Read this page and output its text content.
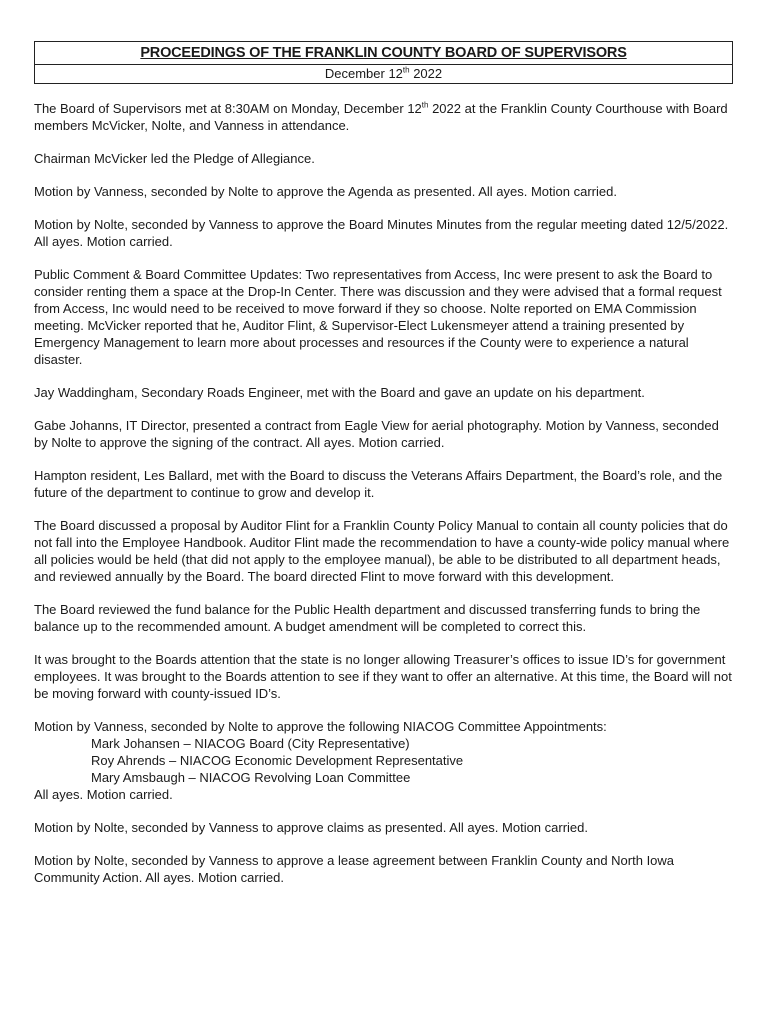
PROCEEDINGS OF THE FRANKLIN COUNTY BOARD OF SUPERVISORS
December 12th 2022

The Board of Supervisors met at 8:30AM on Monday, December 12th 2022 at the Franklin County Courthouse with Board members McVicker, Nolte, and Vanness in attendance.

Chairman McVicker led the Pledge of Allegiance.

Motion by Vanness, seconded by Nolte to approve the Agenda as presented. All ayes. Motion carried.

Motion by Nolte, seconded by Vanness to approve the Board Minutes Minutes from the regular meeting dated 12/5/2022. All ayes. Motion carried.

Public Comment & Board Committee Updates: Two representatives from Access, Inc were present to ask the Board to consider renting them a space at the Drop-In Center. There was discussion and they were advised that a formal request from Access, Inc would need to be received to move forward if they so choose. Nolte reported on EMA Commission meeting. McVicker reported that he, Auditor Flint, & Supervisor-Elect Lukensmeyer attend a training presented by Emergency Management to learn more about processes and resources if the County were to experience a natural disaster.

Jay Waddingham, Secondary Roads Engineer, met with the Board and gave an update on his department.

Gabe Johanns, IT Director, presented a contract from Eagle View for aerial photography. Motion by Vanness, seconded by Nolte to approve the signing of the contract. All ayes. Motion carried.

Hampton resident, Les Ballard, met with the Board to discuss the Veterans Affairs Department, the Board’s role, and the future of the department to continue to grow and develop it.

The Board discussed a proposal by Auditor Flint for a Franklin County Policy Manual to contain all county policies that do not fall into the Employee Handbook. Auditor Flint made the recommendation to have a county-wide policy manual where all policies would be held (that did not apply to the employee manual), be able to be distributed to all department heads, and reviewed annually by the Board. The board directed Flint to move forward with this development.

The Board reviewed the fund balance for the Public Health department and discussed transferring funds to bring the balance up to the recommended amount. A budget amendment will be completed to correct this.

It was brought to the Boards attention that the state is no longer allowing Treasurer’s offices to issue ID’s for government employees. It was brought to the Boards attention to see if they want to offer an alternative. At this time, the Board will not be moving forward with county-issued ID’s.

Motion by Vanness, seconded by Nolte to approve the following NIACOG Committee Appointments:
Mark Johansen – NIACOG Board (City Representative)
Roy Ahrends – NIACOG Economic Development Representative
Mary Amsbaugh – NIACOG Revolving Loan Committee
All ayes. Motion carried.

Motion by Nolte, seconded by Vanness to approve claims as presented. All ayes. Motion carried.

Motion by Nolte, seconded by Vanness to approve a lease agreement between Franklin County and North Iowa Community Action. All ayes. Motion carried.
